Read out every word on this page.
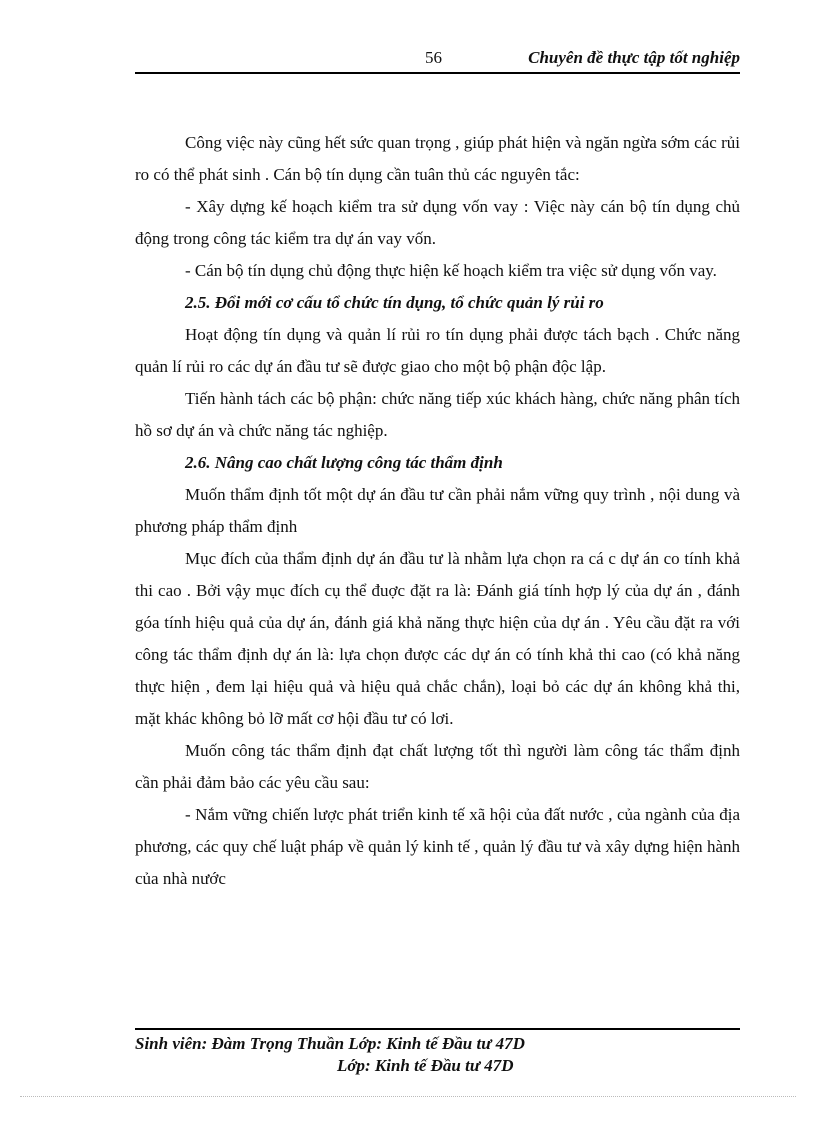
56	Chuyên đề thực tập tốt nghiệp

Công việc này cũng hết sức quan trọng , giúp phát hiện và ngăn ngừa sớm các rủi ro có thể phát sinh . Cán bộ tín dụng cần tuân thủ các nguyên tắc:

- Xây dựng kế hoạch kiểm tra sử dụng vốn vay : Việc này cán bộ tín dụng chủ động trong công tác kiểm tra dự án vay vốn.

- Cán bộ tín dụng chủ động thực hiện kế hoạch kiểm tra việc sử dụng vốn vay.

2.5. Đổi mới cơ cấu tổ chức tín dụng, tổ chức quản lý rủi ro

Hoạt động tín dụng và quản lí rủi ro tín dụng phải được tách bạch . Chức năng quản lí rủi ro các dự án đầu tư sẽ được giao cho một bộ phận độc lập.

Tiến hành tách các bộ phận: chức năng tiếp xúc khách hàng, chức năng phân tích hồ sơ dự án và chức năng tác nghiệp.

2.6. Nâng cao chất lượng công tác thẩm định

Muốn thẩm định tốt một dự án đầu tư cần phải nắm vững quy trình , nội dung và phương pháp thẩm định

Mục đích của thẩm định dự án đầu tư là nhằm lựa chọn ra cá c dự án co tính khả thi cao . Bởi vậy mục đích cụ thể đuợc đặt ra là: Đánh giá tính hợp lý của dự án , đánh góa tính hiệu quả của dự án, đánh giá khả năng thực hiện của dự án . Yêu cầu đặt ra với công tác thẩm định dự án là: lựa chọn được các dự án có tính khả thi cao (có khả năng thực hiện , đem lại hiệu quả và hiệu quả chắc chắn), loại bỏ các dự án không khả thi, mặt khác không bỏ lỡ mất cơ hội đầu tư có lơi.

Muốn công tác thẩm định đạt chất lượng tốt thì người làm công tác thẩm định cần phải đảm bảo các yêu cầu sau:

- Nắm vững chiến lược phát triển kinh tế xã hội của đất nước , của ngành của địa phương, các quy chế luật pháp về quản lý kinh tế , quản lý đầu tư và xây dựng hiện hành của nhà nước

Sinh viên: Đàm Trọng Thuần Lớp: Kinh tế Đầu tư 47D
Lớp: Kinh tế Đầu tư 47D
